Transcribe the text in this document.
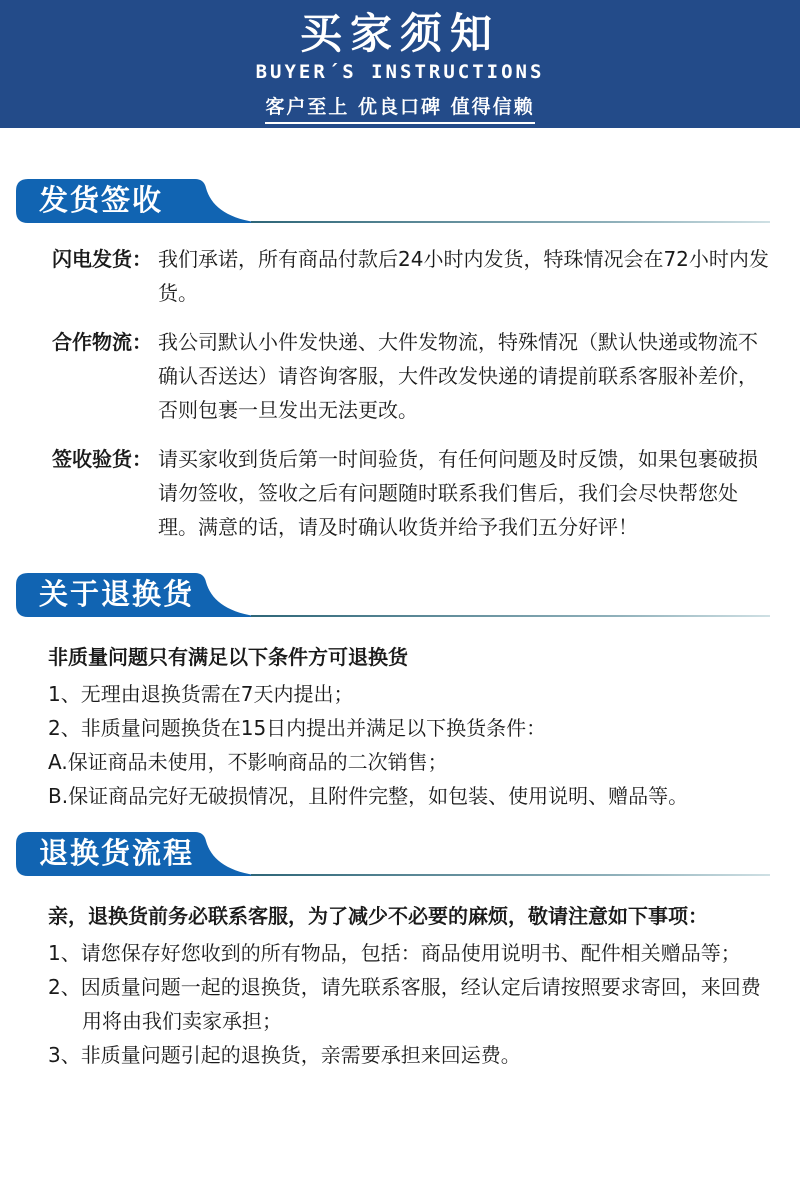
买家须知
BUYER´S INSTRUCTIONS
客户至上 优良口碑 值得信赖
发货签收
闪电发货： 我们承诺，所有商品付款后24小时内发货，特珠情况会在72小时内发货。
合作物流： 我公司默认小件发快递、大件发物流，特殊情况（默认快递或物流不确认否送达）请咨询客服，大件改发快递的请提前联系客服补差价，否则包裹一旦发出无法更改。
签收验货： 请买家收到货后第一时间验货，有任何问题及时反馈，如果包裹破损请勿签收，签收之后有问题随时联系我们售后，我们会尽快帮您处理。满意的话，请及时确认收货并给予我们五分好评！
关于退换货
非质量问题只有满足以下条件方可退换货
1、无理由退换货需在7天内提出；
2、非质量问题换货在15日内提出并满足以下换货条件：
A.保证商品未使用，不影响商品的二次销售；
B.保证商品完好无破损情况，且附件完整，如包装、使用说明、赠品等。
退换货流程
亲，退换货前务必联系客服，为了减少不必要的麻烦，敬请注意如下事项：
1、请您保存好您收到的所有物品，包括：商品使用说明书、配件相关赠品等；
2、因质量问题一起的退换货，请先联系客服，经认定后请按照要求寄回，来回费用将由我们卖家承担；
3、非质量问题引起的退换货，亲需要承担来回运费。
